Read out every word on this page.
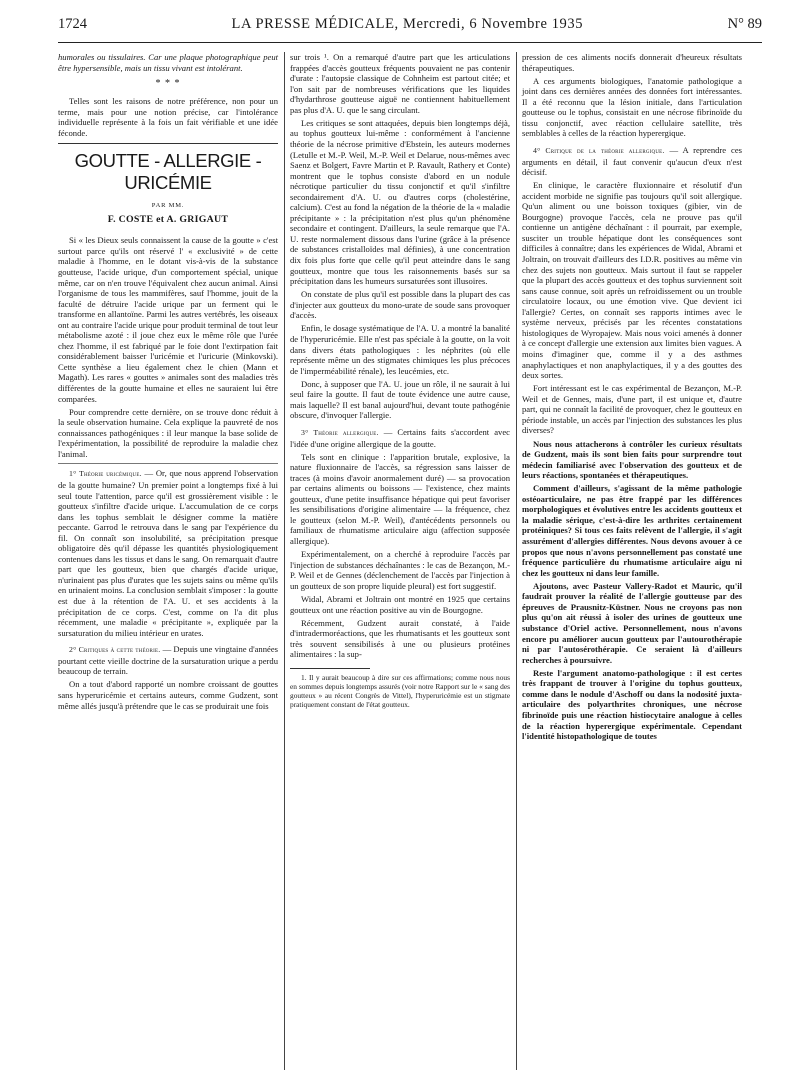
1724	LA PRESSE MÉDICALE, Mercredi, 6 Novembre 1935	N° 89

humorales ou tissulaires. Car une plaque photographique peut être hypersensible, mais un tissu vivant est intolérant.

* * *

Telles sont les raisons de notre préférence, non pour un terme, mais pour une notion précise, car l'intolérance individuelle représente à la fois un fait vérifiable et une idée féconde.

GOUTTE - ALLERGIE - URICÉMIE
PAR MM.
F. COSTE et A. GRIGAUT

Si « les Dieux seuls connaissent la cause de la goutte » c'est surtout parce qu'ils ont réservé l' « exclusivité » de cette maladie à l'homme, en le dotant vis-à-vis de la substance goutteuse, l'acide urique, d'un comportement spécial, unique même, car on n'en trouve l'équivalent chez aucun animal. Ainsi l'organisme de tous les mammifères, sauf l'homme, jouit de la faculté de détruire l'acide urique par un ferment qui le transforme en allantoïne. Parmi les autres vertébrés, les oiseaux ont au contraire l'acide urique pour produit terminal de tout leur métabolisme azoté : il joue chez eux le même rôle que l'urée chez l'homme, il est fabriqué par le foie dont l'extirpation fait considérablement baisser l'uricémie et l'uricurie (Minkovski). Cette synthèse a lieu également chez le chien (Mann et Magath). Les rares « gouttes » animales sont des maladies très différentes de la goutte humaine et elles ne sauraient lui être comparées.

Pour comprendre cette dernière, on se trouve donc réduit à la seule observation humaine. Cela explique la pauvreté de nos connaissances pathogéniques : il leur manque la base solide de l'expérimentation, la possibilité de reproduire la maladie chez l'animal.

1° Théorie uricémique. — Or, que nous apprend l'observation de la goutte humaine? Un premier point a longtemps fixé à lui seul toute l'attention, parce qu'il est grossièrement visible : le goutteux s'infiltre d'acide urique. L'accumulation de ce corps dans les tophus semblait le désigner comme la matière peccante. Garrod le retrouva dans le sang par l'expérience du fil. On connaît son insolubilité, sa précipitation presque obligatoire dès qu'il dépasse les quantités physiologiquement contenues dans les tissus et dans le sang. On remarquait d'autre part que les goutteux, bien que chargés d'acide urique, n'urinaient pas plus d'urates que les sujets sains ou même qu'ils en urinaient moins. La conclusion semblait s'imposer : la goutte est due à la rétention de l'A. U. et ses accidents à la précipitation de ce corps. C'est, comme on l'a dit plus récemment, une maladie « précipitante », expliquée par la sursaturation du milieu intérieur en urates.

2° Critiques à cette théorie. — Depuis une vingtaine d'années pourtant cette vieille doctrine de la sursaturation urique a perdu beaucoup de terrain.

On a tout d'abord rapporté un nombre croissant de gouttes sans hyperuricémie et certains auteurs, comme Gudzent, sont même allés jusqu'à prétendre que le cas se produirait une fois

sur trois ¹. On a remarqué d'autre part que les articulations frappées d'accès goutteux fréquents pouvaient ne pas contenir d'urate : l'autopsie classique de Cohnheim est partout citée; et l'on sait par de nombreuses vérifications que les liquides d'hydarthrose goutteuse aiguë ne contiennent habituellement pas plus d'A. U. que le sang circulant.

Les critiques se sont attaquées, depuis bien longtemps déjà, au tophus goutteux lui-même : conformément à l'ancienne théorie de la nécrose primitive d'Ebstein, les auteurs modernes (Letulle et M.-P. Weil, M.-P. Weil et Delarue, nous-mêmes avec Saenz et Bolgert, Favre Martin et P. Ravault, Rathery et Conte) montrent que le tophus consiste d'abord en un nodule nécrotique particulier du tissu conjonctif et qu'il s'infiltre secondairement d'A. U. ou d'autres corps (cholestérine, calcium). C'est au fond la négation de la théorie de la « maladie précipitante » : la précipitation n'est plus qu'un phénomène secondaire et contingent. D'ailleurs, la seule remarque que l'A. U. reste normalement dissous dans l'urine (grâce à la présence de substances cristalloïdes mal définies), à une concentration dix fois plus forte que celle qu'il peut atteindre dans le sang goutteux, montre que tous les raisonnements basés sur sa précipitation dans les humeurs sursaturées sont illusoires.

On constate de plus qu'il est possible dans la plupart des cas d'injecter aux goutteux du mono-urate de soude sans provoquer d'accès.

Enfin, le dosage systématique de l'A. U. a montré la banalité de l'hyperuricémie. Elle n'est pas spéciale à la goutte, on la voit dans divers états pathologiques : les néphrites (où elle représente même un des stigmates chimiques les plus précoces de l'imperméabilité rénale), les leucémies, etc.

Donc, à supposer que l'A. U. joue un rôle, il ne saurait à lui seul faire la goutte. Il faut de toute évidence une autre cause, mais laquelle? Il est banal aujourd'hui, devant toute pathogénie obscure, d'invoquer l'allergie.

3° Théorie allergique. — Certains faits s'accordent avec l'idée d'une origine allergique de la goutte.

Tels sont en clinique : l'apparition brutale, explosive, la nature fluxionnaire de l'accès, sa régression sans laisser de traces (à moins d'avoir anormalement duré) — sa provocation par certains aliments ou boissons — l'existence, chez maints goutteux, d'une petite insuffisance hépatique qui peut favoriser les sensibilisations d'origine alimentaire — la fréquence, chez le goutteux (selon M.-P. Weil), d'antécédents personnels ou familiaux de rhumatisme articulaire aigu (affection supposée allergique).

Expérimentalement, on a cherché à reproduire l'accès par l'injection de substances déchaînantes : le cas de Bezançon, M.-P. Weil et de Gennes (déclenchement de l'accès par l'injection à un goutteux de son propre liquide pleural) est fort suggestif.

Widal, Abrami et Joltrain ont montré en 1925 que certains goutteux ont une réaction positive au vin de Bourgogne.

Récemment, Gudzent aurait constaté, à l'aide d'intradermoréactions, que les rhumatisants et les goutteux sont très souvent sensibilisés à une ou plusieurs protéines alimentaires : la sup-

1. Il y aurait beaucoup à dire sur ces affirmations; comme nous nous en sommes depuis longtemps assurés (voir notre Rapport sur le « sang des goutteux » au récent Congrès de Vittel), l'hyperuricémie est un stigmate pratiquement constant de l'état goutteux.

pression de ces aliments nocifs donnerait d'heureux résultats thérapeutiques.

A ces arguments biologiques, l'anatomie pathologique a joint dans ces dernières années des données fort intéressantes. Il a été reconnu que la lésion initiale, dans l'articulation goutteuse ou le tophus, consistait en une nécrose fibrinoïde du tissu conjonctif, avec réaction cellulaire satellite, très semblables à celles de la réaction hyperergique.

4° Critique de la théorie allergique. — A reprendre ces arguments en détail, il faut convenir qu'aucun d'eux n'est décisif.

En clinique, le caractère fluxionnaire et résolutif d'un accident morbide ne signifie pas toujours qu'il soit allergique. Qu'un aliment ou une boisson toxiques (gibier, vin de Bourgogne) provoque l'accès, cela ne prouve pas qu'il contienne un antigène déchaînant : il pourrait, par exemple, susciter un trouble hépatique dont les conséquences sont difficiles à connaître; dans les expériences de Widal, Abrami et Joltrain, on trouvait d'ailleurs des I.D.R. positives au même vin chez des sujets non goutteux. Mais surtout il faut se rappeler que la plupart des accès goutteux et des tophus surviennent soit sans cause connue, soit après un refroidissement ou un trouble circulatoire locaux, ou une émotion vive. Que devient ici l'allergie? Certes, on connaît ses rapports intimes avec le système nerveux, précisés par les récentes constatations histologiques de Wyropajew. Mais nous voici amenés à donner à ce concept d'allergie une extension aux limites bien vagues. A moins d'imaginer que, comme il y a des asthmes anaphylactiques et non anaphylactiques, il y a des gouttes des deux sortes.

Fort intéressant est le cas expérimental de Bezançon, M.-P. Weil et de Gennes, mais, d'une part, il est unique et, d'autre part, qui ne connaît la facilité de provoquer, chez le goutteux en période instable, un accès par l'injection des substances les plus diverses?

Nous nous attacherons à contrôler les curieux résultats de Gudzent, mais ils sont bien faits pour surprendre tout médecin familiarisé avec l'observation des goutteux et de leurs réactions, spontanées et thérapeutiques.

Comment d'ailleurs, s'agissant de la même pathologie ostéoarticulaire, ne pas être frappé par les différences morphologiques et évolutives entre les accidents goutteux et la maladie sérique, c'est-à-dire les arthrites certainement protéiniques? Si tous ces faits relèvent de l'allergie, il s'agit assurément d'allergies différentes. Nous devons avouer à ce propos que nous n'avons personnellement pas constaté une fréquence particulière du rhumatisme articulaire aigu ni chez les goutteux ni dans leur famille.

Ajoutons, avec Pasteur Vallery-Radot et Mauric, qu'il faudrait prouver la réalité de l'allergie goutteuse par des épreuves de Prausnitz-Küstner. Nous ne croyons pas non plus qu'on ait réussi à isoler des urines de goutteux une substance d'Oriel active. Personnellement, nous n'avons encore pu améliorer aucun goutteux par l'autourothérapie ni par l'autosérothérapie. Ce seraient là d'ailleurs recherches à poursuivre.

Reste l'argument anatomo-pathologique : il est certes très frappant de trouver à l'origine du tophus goutteux, comme dans le nodule d'Aschoff ou dans la nodosité juxta-articulaire des polyarthrites chroniques, une nécrose fibrinoïde puis une réaction histiocytaire analogue à celles de la réaction hyperergique expérimentale. Cependant l'identité histopathologique de toutes
